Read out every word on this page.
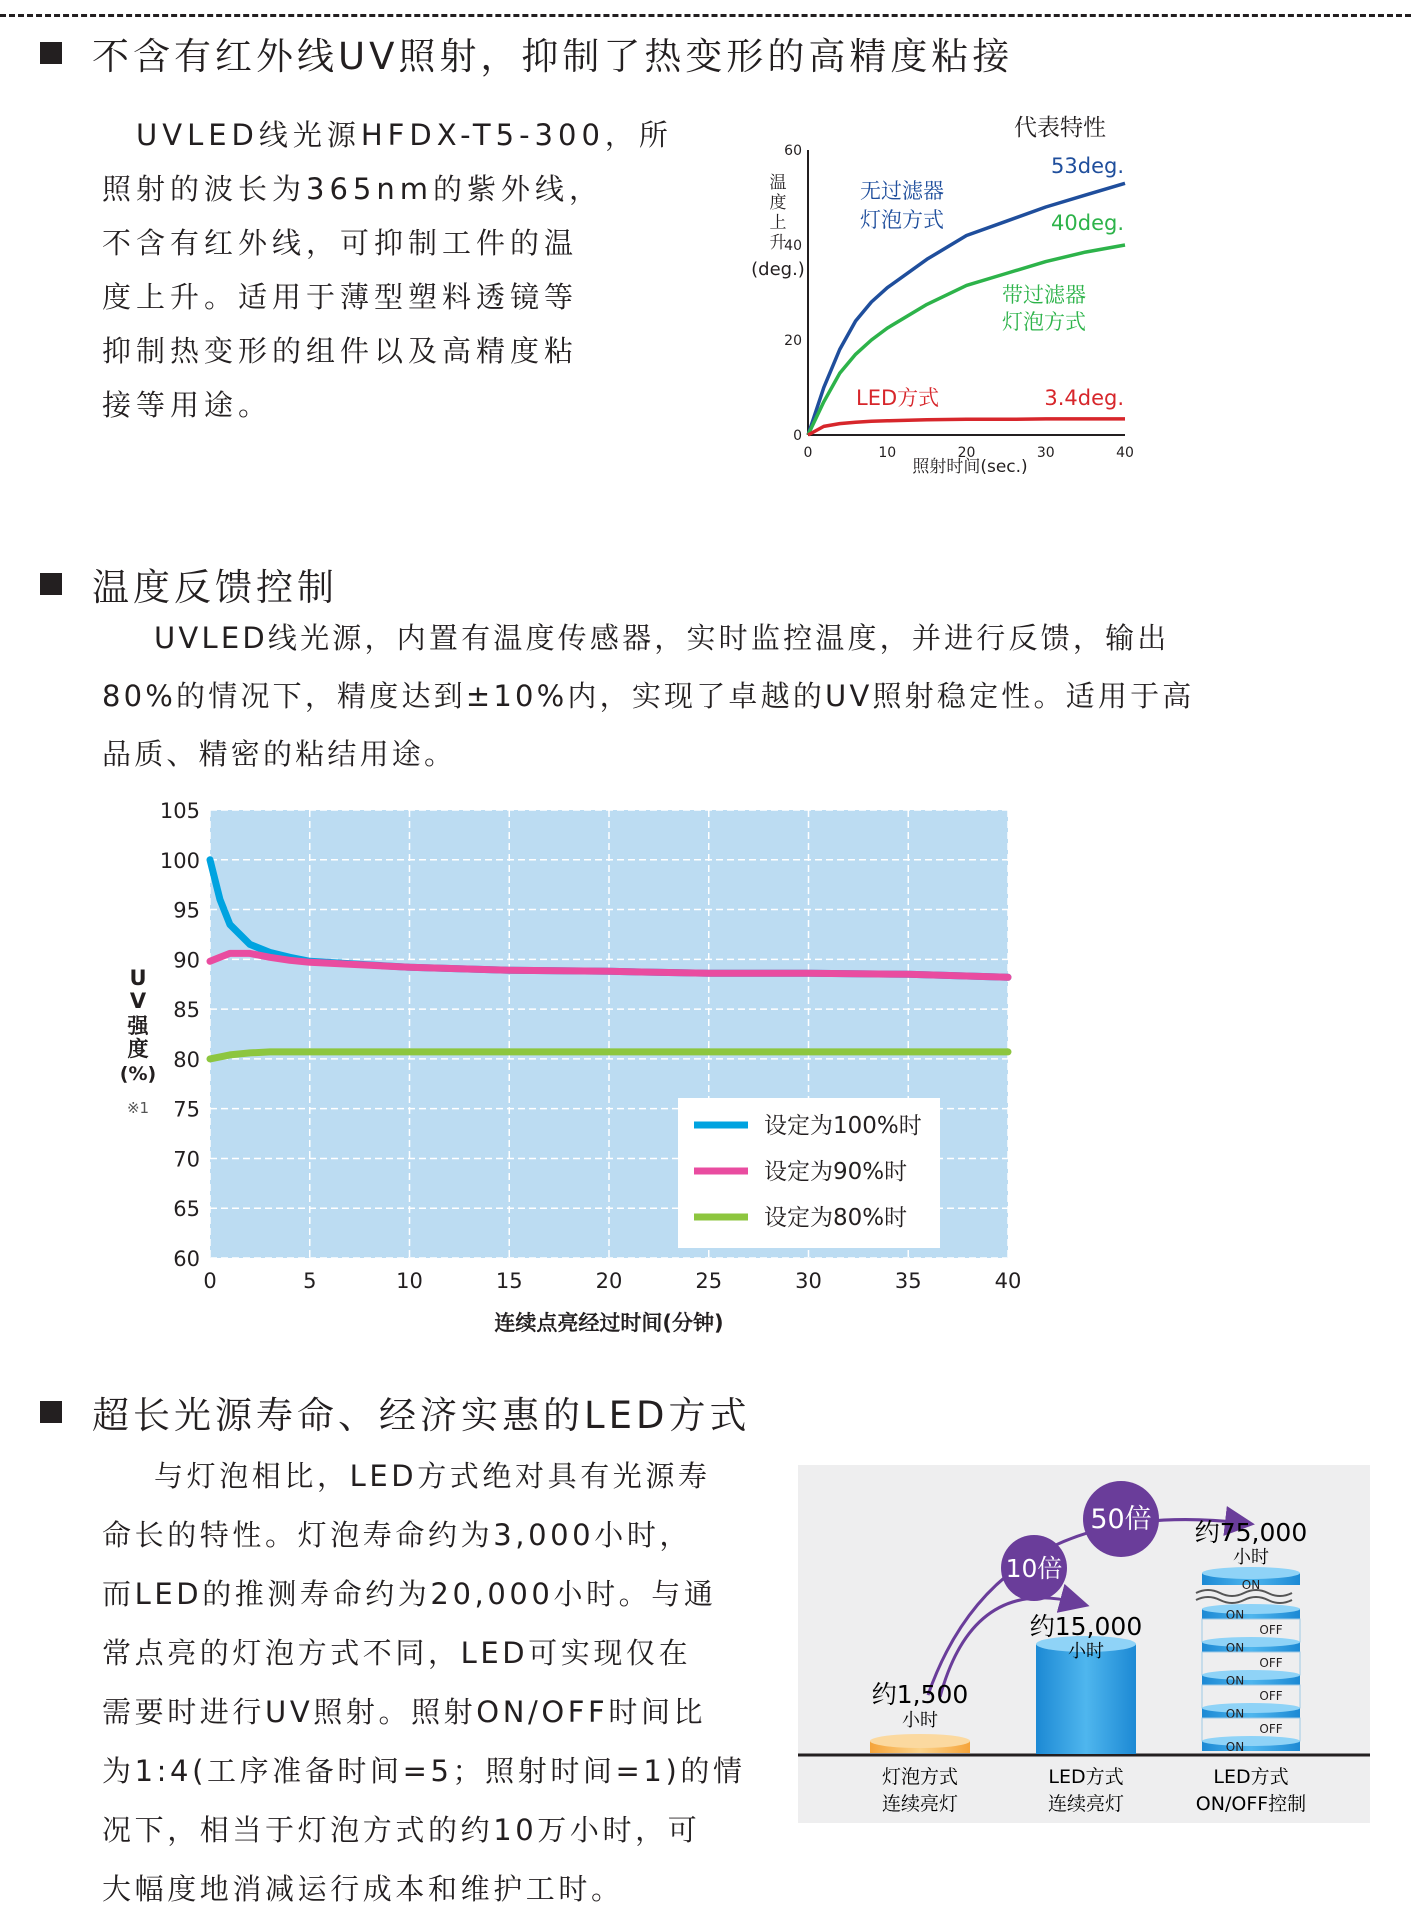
不含有红外线UV照射，抑制了热变形的高精度粘接

UVLED线光源HFDX-T5-300，所

照射的波长为365nm的紫外线，

不含有红外线，可抑制工件的温

度上升。适用于薄型塑料透镜等

抑制热变形的组件以及高精度粘

接等用途。

代表特性
温
度
上
升
(deg.)
0
20
40
60
0	10	20	30	40
无过滤器
灯泡方式
带过滤器
灯泡方式
LED方式
53deg.
40deg.
3.4deg.
照射时间(sec.)
温度反馈控制

UVLED线光源，内置有温度传感器，实时监控温度，并进行反馈，输出

80%的情况下，精度达到±10%内，实现了卓越的UV照射稳定性。适用于高

品质、精密的粘结用途。

60
65
70
75
80
85
90
95
100
105
0	5	10	15	20	25	30	35	40
U
V
强
度
(%)
※1
设定为100%时
设定为90%时
设定为80%时
连续点亮经过时间(分钟)
超长光源寿命、经济实惠的LED方式

与灯泡相比，LED方式绝对具有光源寿

命长的特性。灯泡寿命约为3,000小时，

而LED的推测寿命约为20,000小时。与通

常点亮的灯泡方式不同，LED可实现仅在

需要时进行UV照射。照射ON/OFF时间比

为1:4(工序准备时间=5；照射时间=1)的情

况下，相当于灯泡方式的约10万小时，可

大幅度地消减运行成本和维护工时。

10倍
50倍
约1,500
小时
约15,000
小时
ON
ON
OFF
ON
OFF
ON
OFF
ON
OFF
ON
约75,000
小时
灯泡方式
连续亮灯
LED方式
连续亮灯
LED方式
ON/OFF控制
